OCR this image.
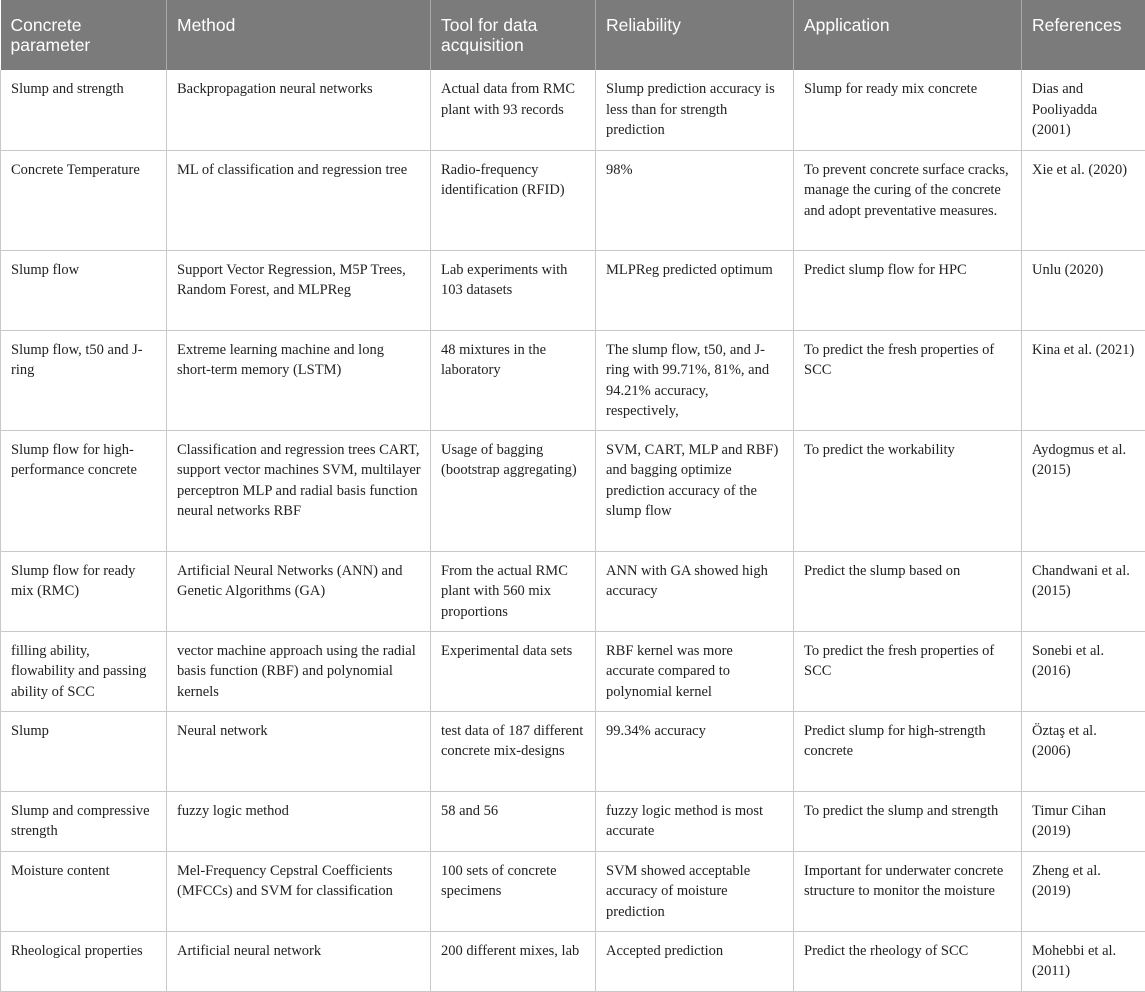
Concrete parameter	Method	Tool for data acquisition	Reliability	Application	References
Slump and strength	Backpropagation neural networks	Actual data from RMC plant with 93 records	Slump prediction accuracy is less than for strength prediction	Slump for ready mix concrete	Dias and Pooliyadda (2001)
Concrete Temperature	ML of classification and regression tree	Radio-frequency identification (RFID)	98%	To prevent concrete surface cracks, manage the curing of the concrete and adopt preventative measures.	Xie et al. (2020)
Slump flow	Support Vector Regression, M5P Trees, Random Forest, and MLPReg	Lab experiments with 103 datasets	MLPReg predicted optimum	Predict slump flow for HPC	Unlu (2020)
Slump flow, t50 and J-ring	Extreme learning machine and long short-term memory (LSTM)	48 mixtures in the laboratory	The slump flow, t50, and J-ring with 99.71%, 81%, and 94.21% accuracy, respectively,	To predict the fresh properties of SCC	Kina et al. (2021)
Slump flow for high-performance concrete	Classification and regression trees CART, support vector machines SVM, multilayer perceptron MLP and radial basis function neural networks RBF	Usage of bagging (bootstrap aggregating)	SVM, CART, MLP and RBF) and bagging optimize prediction accuracy of the slump flow	To predict the workability	Aydogmus et al. (2015)
Slump flow for ready mix (RMC)	Artificial Neural Networks (ANN) and Genetic Algorithms (GA)	From the actual RMC plant with 560 mix proportions	ANN with GA showed high accuracy	Predict the slump based on	Chandwani et al. (2015)
filling ability, flowability and passing ability of SCC	vector machine approach using the radial basis function (RBF) and polynomial kernels	Experimental data sets	RBF kernel was more accurate compared to polynomial kernel	To predict the fresh properties of SCC	Sonebi et al. (2016)
Slump	Neural network	test data of 187 different concrete mix-designs	99.34% accuracy	Predict slump for high-strength concrete	Öztaş et al. (2006)
Slump and compressive strength	fuzzy logic method	58 and 56	fuzzy logic method is most accurate	To predict the slump and strength	Timur Cihan (2019)
Moisture content	Mel-Frequency Cepstral Coefficients (MFCCs) and SVM for classification	100 sets of concrete specimens	SVM showed acceptable accuracy of moisture prediction	Important for underwater concrete structure to monitor the moisture	Zheng et al. (2019)
Rheological properties	Artificial neural network	200 different mixes, lab	Accepted prediction	Predict the rheology of SCC	Mohebbi et al. (2011)
